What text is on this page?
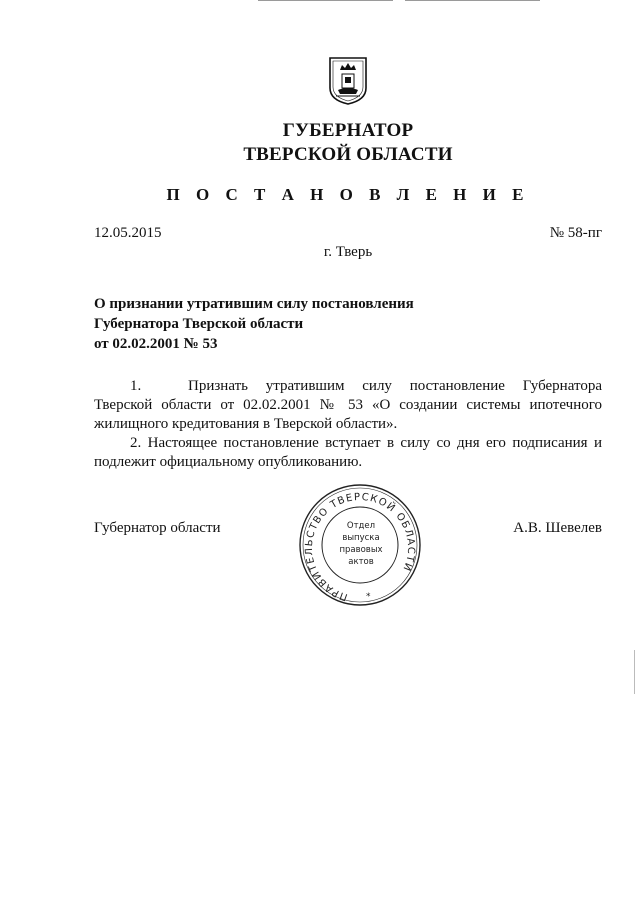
ГУБЕРНАТОР
ТВЕРСКОЙ ОБЛАСТИ
П О С Т А Н О В Л Е Н И Е
12.05.2015	№ 58-пг
г. Тверь
О признании утратившим силу постановления
Губернатора Тверской области
от 02.02.2001 № 53

1.	Признать утратившим силу постановление Губернатора Тверской области от 02.02.2001 № 53 «О создании системы ипотечного жилищного кредитования в Тверской области».

2. Настоящее постановление вступает в силу со дня его подписания и подлежит официальному опубликованию.

Губернатор области	А.В. Шевелев
ПРАВИТЕЛЬСТВО ТВЕРСКОЙ ОБЛАСТИ
*
Отдел
выпуска
правовых
актов
